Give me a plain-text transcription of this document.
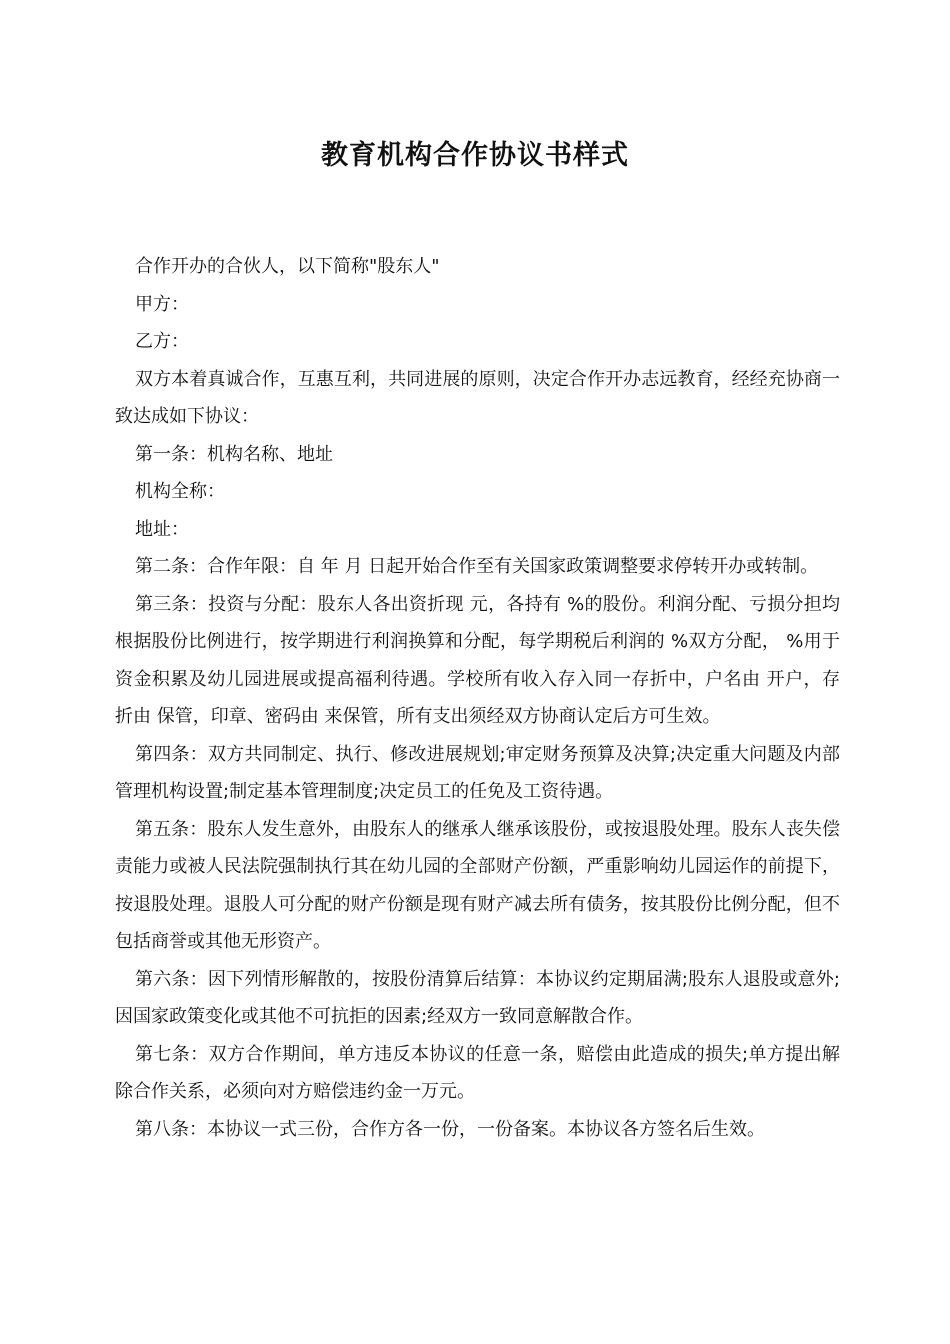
教育机构合作协议书样式

合作开办的合伙人，以下简称"股东人"

甲方：

乙方：

双方本着真诚合作，互惠互利，共同进展的原则，决定合作开办志远教育，经经充协商一致达成如下协议：

第一条：机构名称、地址

机构全称：

地址：

第二条：合作年限：自 年 月 日起开始合作至有关国家政策调整要求停转开办或转制。

第三条：投资与分配：股东人各出资折现 元，各持有 %的股份。利润分配、亏损分担均根据股份比例进行，按学期进行利润换算和分配，每学期税后利润的 %双方分配， %用于资金积累及幼儿园进展或提高福利待遇。学校所有收入存入同一存折中，户名由 开户，存折由 保管，印章、密码由 来保管，所有支出须经双方协商认定后方可生效。

第四条：双方共同制定、执行、修改进展规划;审定财务预算及决算;决定重大问题及内部管理机构设置;制定基本管理制度;决定员工的任免及工资待遇。

第五条：股东人发生意外，由股东人的继承人继承该股份，或按退股处理。股东人丧失偿责能力或被人民法院强制执行其在幼儿园的全部财产份额，严重影响幼儿园运作的前提下，按退股处理。退股人可分配的财产份额是现有财产减去所有债务，按其股份比例分配，但不包括商誉或其他无形资产。

第六条：因下列情形解散的，按股份清算后结算：本协议约定期届满;股东人退股或意外;因国家政策变化或其他不可抗拒的因素;经双方一致同意解散合作。

第七条：双方合作期间，单方违反本协议的任意一条，赔偿由此造成的损失;单方提出解除合作关系，必须向对方赔偿违约金一万元。

第八条：本协议一式三份，合作方各一份，一份备案。本协议各方签名后生效。
